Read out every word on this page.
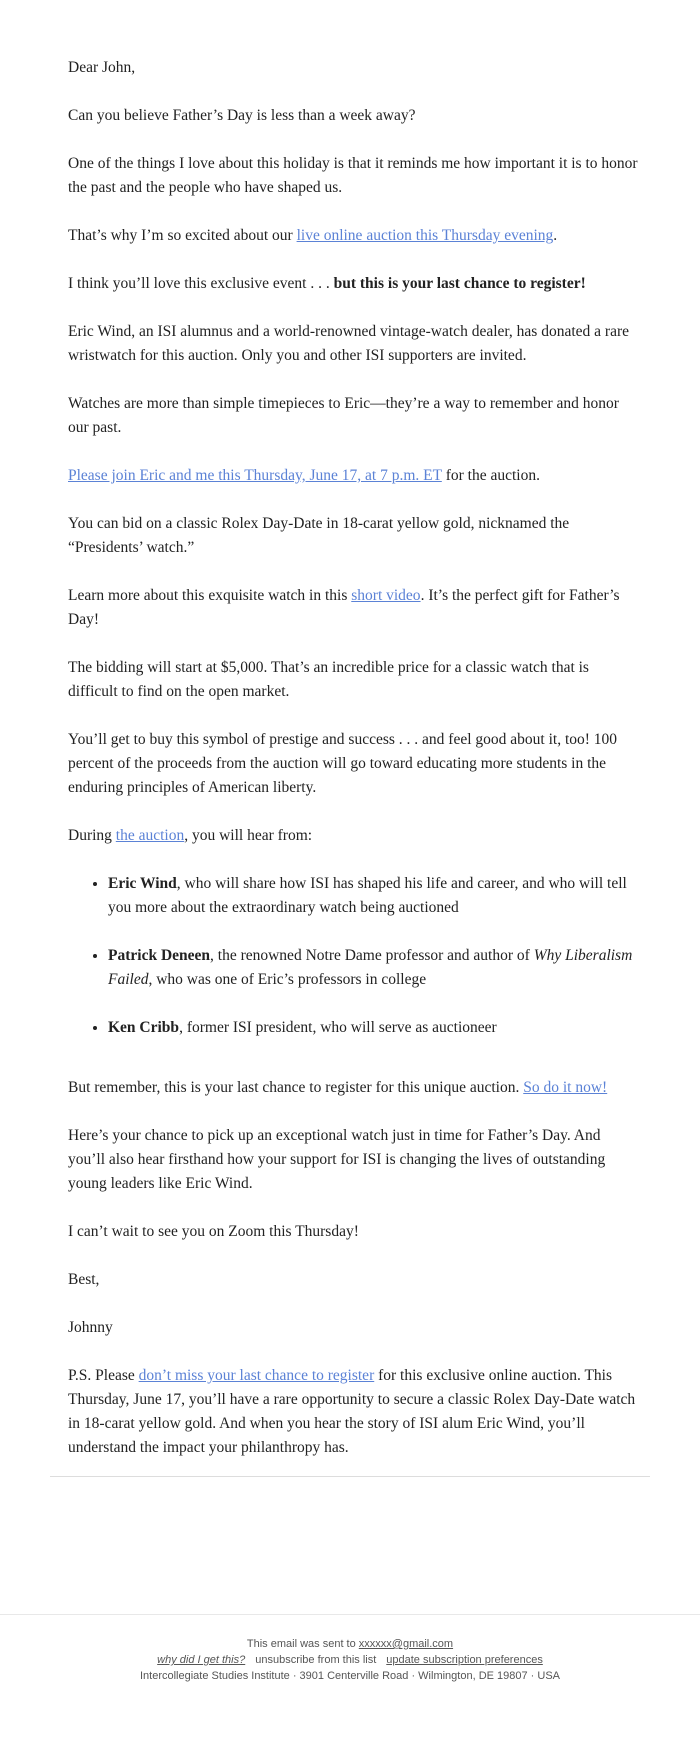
Dear John,

Can you believe Father’s Day is less than a week away?

One of the things I love about this holiday is that it reminds me how important it is to honor the past and the people who have shaped us.

That’s why I’m so excited about our live online auction this Thursday evening.

I think you’ll love this exclusive event . . . but this is your last chance to register!

Eric Wind, an ISI alumnus and a world-renowned vintage-watch dealer, has donated a rare wristwatch for this auction. Only you and other ISI supporters are invited.

Watches are more than simple timepieces to Eric—they’re a way to remember and honor our past.

Please join Eric and me this Thursday, June 17, at 7 p.m. ET for the auction.

You can bid on a classic Rolex Day-Date in 18-carat yellow gold, nicknamed the “Presidents’ watch.”

Learn more about this exquisite watch in this short video. It’s the perfect gift for Father’s Day!

The bidding will start at $5,000. That’s an incredible price for a classic watch that is difficult to find on the open market.

You’ll get to buy this symbol of prestige and success . . . and feel good about it, too! 100 percent of the proceeds from the auction will go toward educating more students in the enduring principles of American liberty.

During the auction, you will hear from:

• Eric Wind, who will share how ISI has shaped his life and career, and who will tell you more about the extraordinary watch being auctioned
• Patrick Deneen, the renowned Notre Dame professor and author of Why Liberalism Failed, who was one of Eric’s professors in college
• Ken Cribb, former ISI president, who will serve as auctioneer

But remember, this is your last chance to register for this unique auction. So do it now!

Here’s your chance to pick up an exceptional watch just in time for Father’s Day. And you’ll also hear firsthand how your support for ISI is changing the lives of outstanding young leaders like Eric Wind.

I can’t wait to see you on Zoom this Thursday!

Best,

Johnny

P.S. Please don’t miss your last chance to register for this exclusive online auction. This Thursday, June 17, you’ll have a rare opportunity to secure a classic Rolex Day-Date watch in 18-carat yellow gold. And when you hear the story of ISI alum Eric Wind, you’ll understand the impact your philanthropy has.

This email was sent to xxxxxx@gmail.com
why did I get this? unsubscribe from this list update subscription preferences
Intercollegiate Studies Institute · 3901 Centerville Road · Wilmington, DE 19807 · USA
